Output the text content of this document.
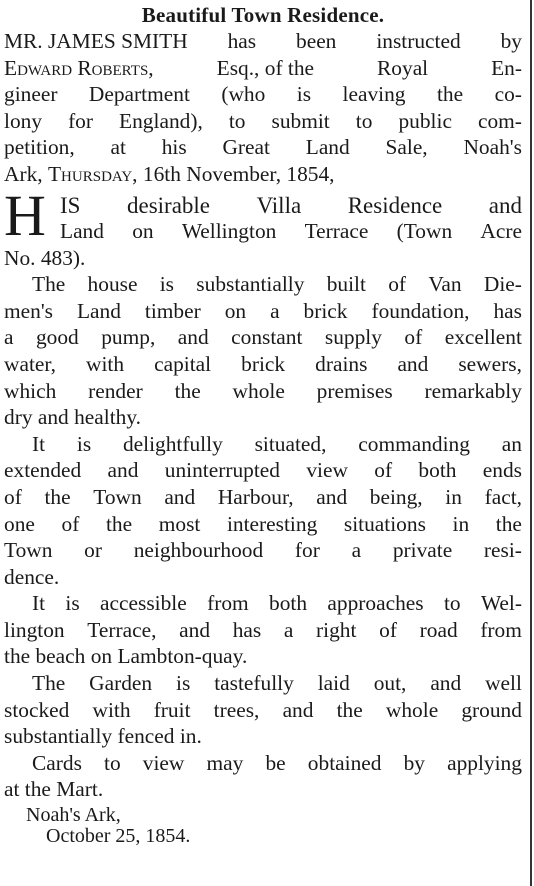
Beautiful Town Residence.
MR. JAMES SMITH has been instructed by
Edward Roberts,	Esq., of the	Royal	En-
gineer Department (who is leaving the co-
lony for England), to submit to public com-
petition, at his Great Land Sale, Noah's
Ark, Thursday, 16th November, 1854,
H IS desirable Villa Residence and
Land on Wellington Terrace (Town Acre
No. 483).
The house is substantially built of Van Die-
men's Land timber on a brick foundation, has
a good pump, and constant supply of excellent
water, with capital brick drains and sewers,
which render the whole premises remarkably
dry and healthy.
It is delightfully situated, commanding an
extended and uninterrupted view of both ends
of the Town and Harbour, and being, in fact,
one of the most interesting situations in the
Town or neighbourhood for a private resi-
dence.
It is accessible from both approaches to Wel-
lington Terrace, and has a right of road from
the beach on Lambton-quay.
The Garden is tastefully laid out, and well
stocked with fruit trees, and the whole ground
substantially fenced in.
Cards to view may be obtained by applying
at the Mart.
Noah's Ark,
October 25, 1854.
